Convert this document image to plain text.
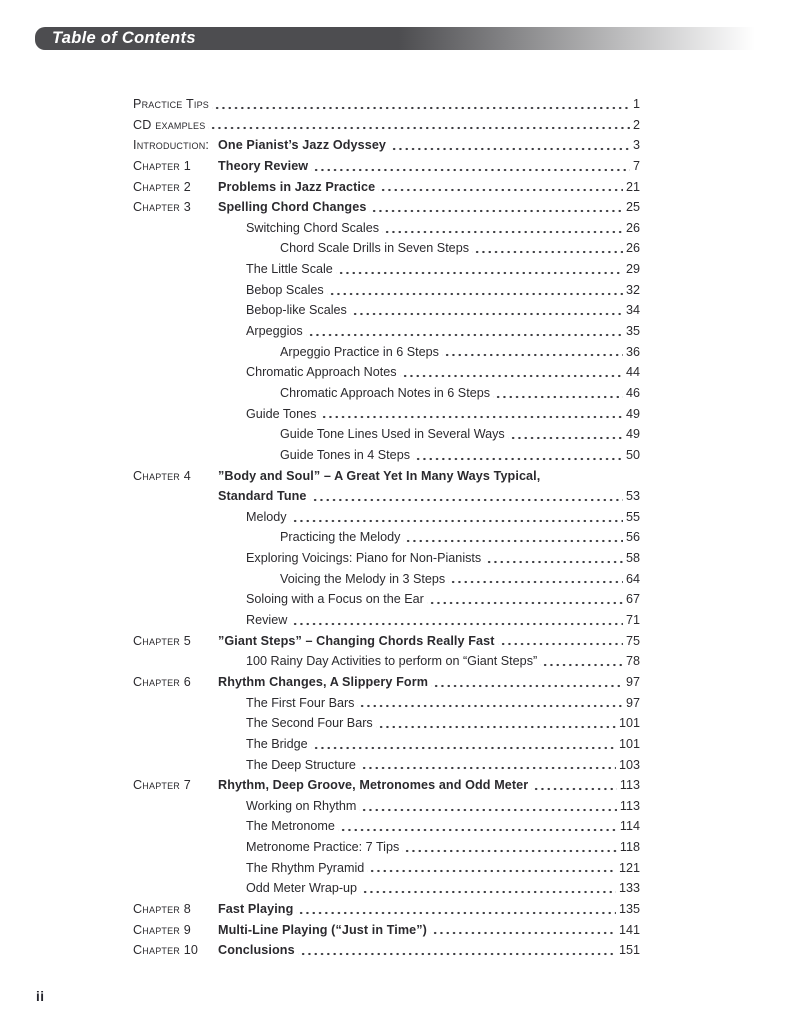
Table of Contents
Practice Tips	1
CD examples	2
Introduction: One Pianist’s Jazz Odyssey	3
Chapter 1	Theory Review	7
Chapter 2	Problems in Jazz Practice	21
Chapter 3	Spelling Chord Changes	25
Switching Chord Scales	26
Chord Scale Drills in Seven Steps	26
The Little Scale	29
Bebop Scales	32
Bebop-like Scales	34
Arpeggios	35
Arpeggio Practice in 6 Steps	36
Chromatic Approach Notes	44
Chromatic Approach Notes in 6 Steps	46
Guide Tones	49
Guide Tone Lines Used in Several Ways	49
Guide Tones in 4 Steps	50
Chapter 4	”Body and Soul” – A Great Yet In Many Ways Typical,
Standard Tune	53
Melody	55
Practicing the Melody	56
Exploring Voicings: Piano for Non-Pianists	58
Voicing the Melody in 3 Steps	64
Soloing with a Focus on the Ear	67
Review	71
Chapter 5	”Giant Steps” – Changing Chords Really Fast	75
100 Rainy Day Activities to perform on “Giant Steps”	78
Chapter 6	Rhythm Changes, A Slippery Form	97
The First Four Bars	97
The Second Four Bars	101
The Bridge	101
The Deep Structure	103
Chapter 7	Rhythm, Deep Groove, Metronomes and Odd Meter	113
Working on Rhythm	113
The Metronome	114
Metronome Practice: 7 Tips	118
The Rhythm Pyramid	121
Odd Meter Wrap-up	133
Chapter 8	Fast Playing	135
Chapter 9	Multi-Line Playing (“Just in Time”)	141
Chapter 10	Conclusions	151
ii
